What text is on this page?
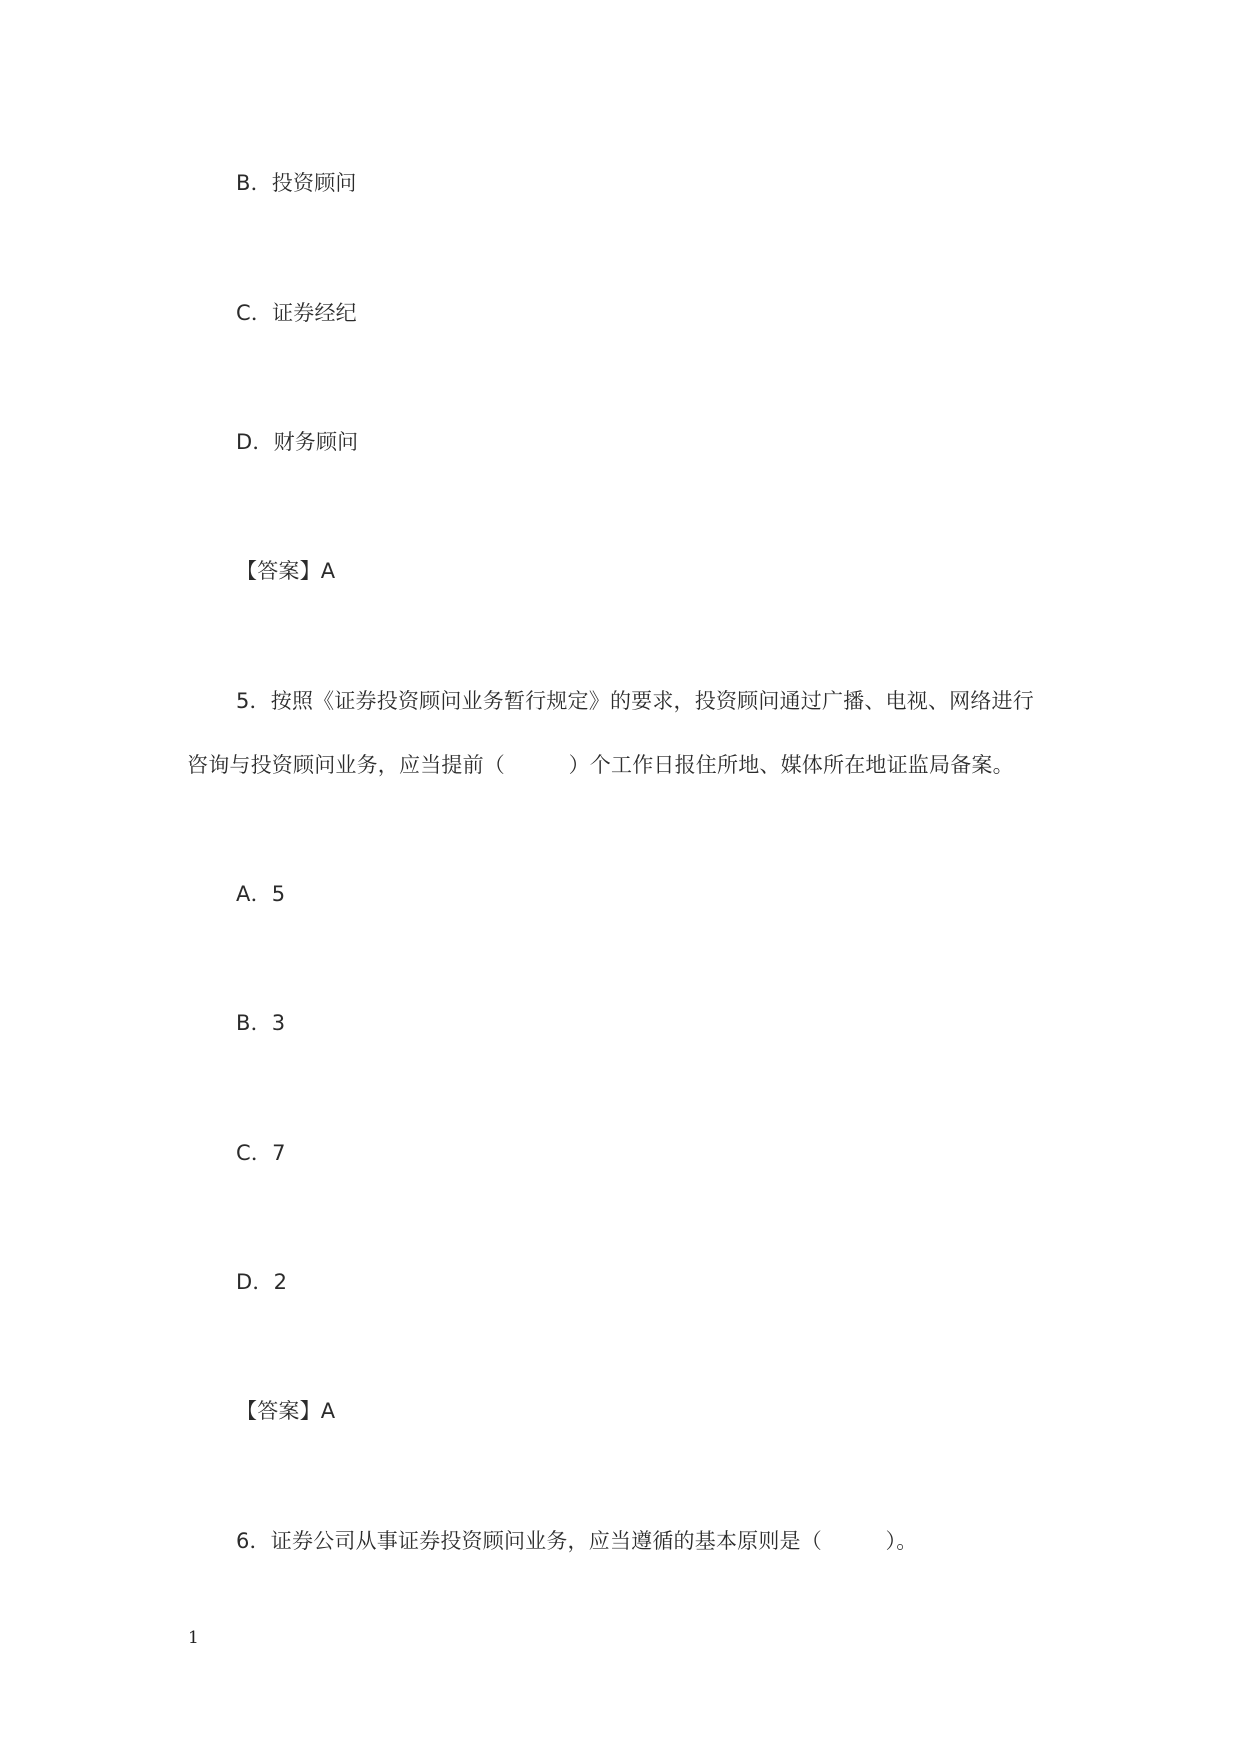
B．投资顾问
C．证券经纪
D．财务顾问
【答案】A
5．按照《证券投资顾问业务暂行规定》的要求，投资顾问通过广播、电视、网络进行
咨询与投资顾问业务，应当提前（　　　）个工作日报住所地、媒体所在地证监局备案。
A．5
B．3
C．7
D．2
【答案】A
6．证券公司从事证券投资顾问业务，应当遵循的基本原则是（　　　）。
1
